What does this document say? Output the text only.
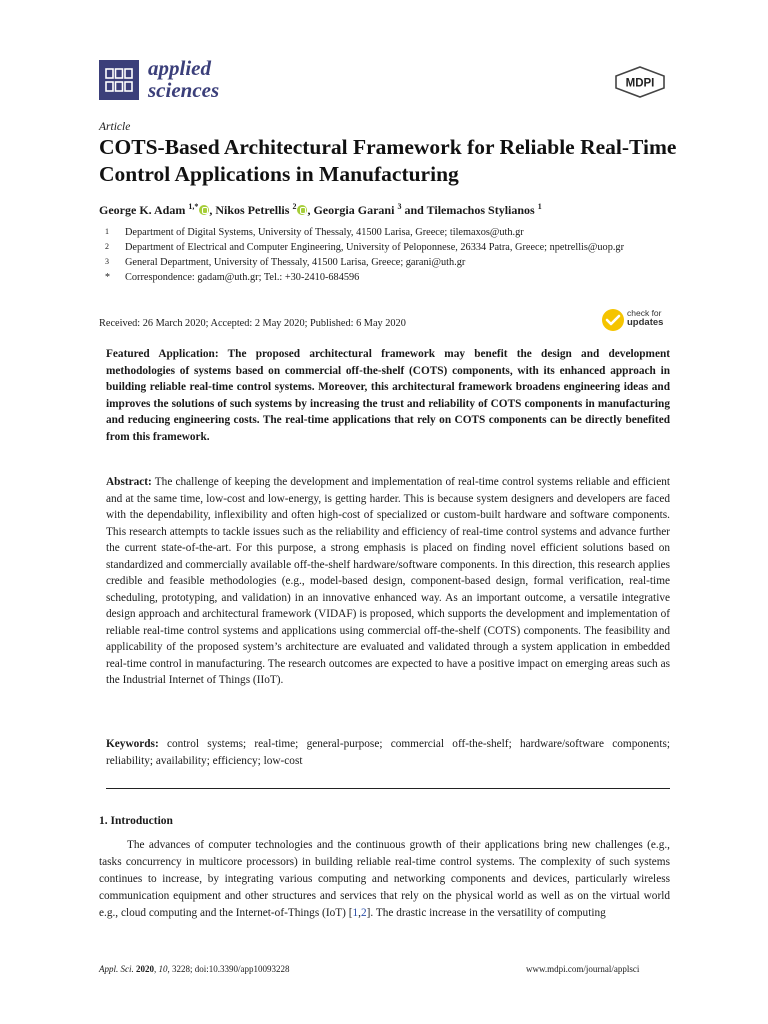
applied
sciences	MDPI
Article
COTS-Based Architectural Framework for Reliable Real-Time Control Applications in Manufacturing
George K. Adam $^{1,*}$ , Nikos Petrellis $^2$ , Georgia Garani $^3$ and Tilemachos Stylianos $^1$
1 Department of Digital Systems, University of Thessaly, 41500 Larisa, Greece; tilemaxos@uth.gr
2 Department of Electrical and Computer Engineering, University of Peloponnese, 26334 Patra, Greece; npetrellis@uop.gr
3 General Department, University of Thessaly, 41500 Larisa, Greece; garani@uth.gr
* Correspondence: gadam@uth.gr; Tel.: +30-2410-684596
Received: 26 March 2020; Accepted: 2 May 2020; Published: 6 May 2020
check for
updates
Featured Application: The proposed architectural framework may benefit the design and development methodologies of systems based on commercial off-the-shelf (COTS) components, with its enhanced approach in building reliable real-time control systems. Moreover, this architectural framework broadens engineering ideas and improves the solutions of such systems by increasing the trust and reliability of COTS components in manufacturing and reducing engineering costs. The real-time applications that rely on COTS components can be directly benefited from this framework.
Abstract: The challenge of keeping the development and implementation of real-time control systems reliable and efficient and at the same time, low-cost and low-energy, is getting harder. This is because system designers and developers are faced with the dependability, inflexibility and often high-cost of specialized or custom-built hardware and software components. This research attempts to tackle issues such as the reliability and efficiency of real-time control systems and advance further the current state-of-the-art. For this purpose, a strong emphasis is placed on finding novel efficient solutions based on standardized and commercially available off-the-shelf hardware/software components. In this direction, this research applies credible and feasible methodologies (e.g., model-based design, component-based design, formal verification, real-time scheduling, prototyping, and validation) in an innovative enhanced way. As an important outcome, a versatile integrative design approach and architectural framework (VIDAF) is proposed, which supports the development and implementation of reliable real-time control systems and applications using commercial off-the-shelf (COTS) components. The feasibility and applicability of the proposed system’s architecture are evaluated and validated through a system application in embedded real-time control in manufacturing. The research outcomes are expected to have a positive impact on emerging areas such as the Industrial Internet of Things (IIoT).
Keywords: control systems; real-time; general-purpose; commercial off-the-shelf; hardware/software components; reliability; availability; efficiency; low-cost
1. Introduction
The advances of computer technologies and the continuous growth of their applications bring new challenges (e.g., tasks concurrency in multicore processors) in building reliable real-time control systems. The complexity of such systems continues to increase, by integrating various computing and networking components and devices, particularly wireless communication equipment and other structures and services that rely on the physical world as well as on the virtual world e.g., cloud computing and the Internet-of-Things (IoT) [1,2]. The drastic increase in the versatility of computing
Appl. Sci. 2020, 10, 3228; doi:10.3390/app10093228	www.mdpi.com/journal/applsci
